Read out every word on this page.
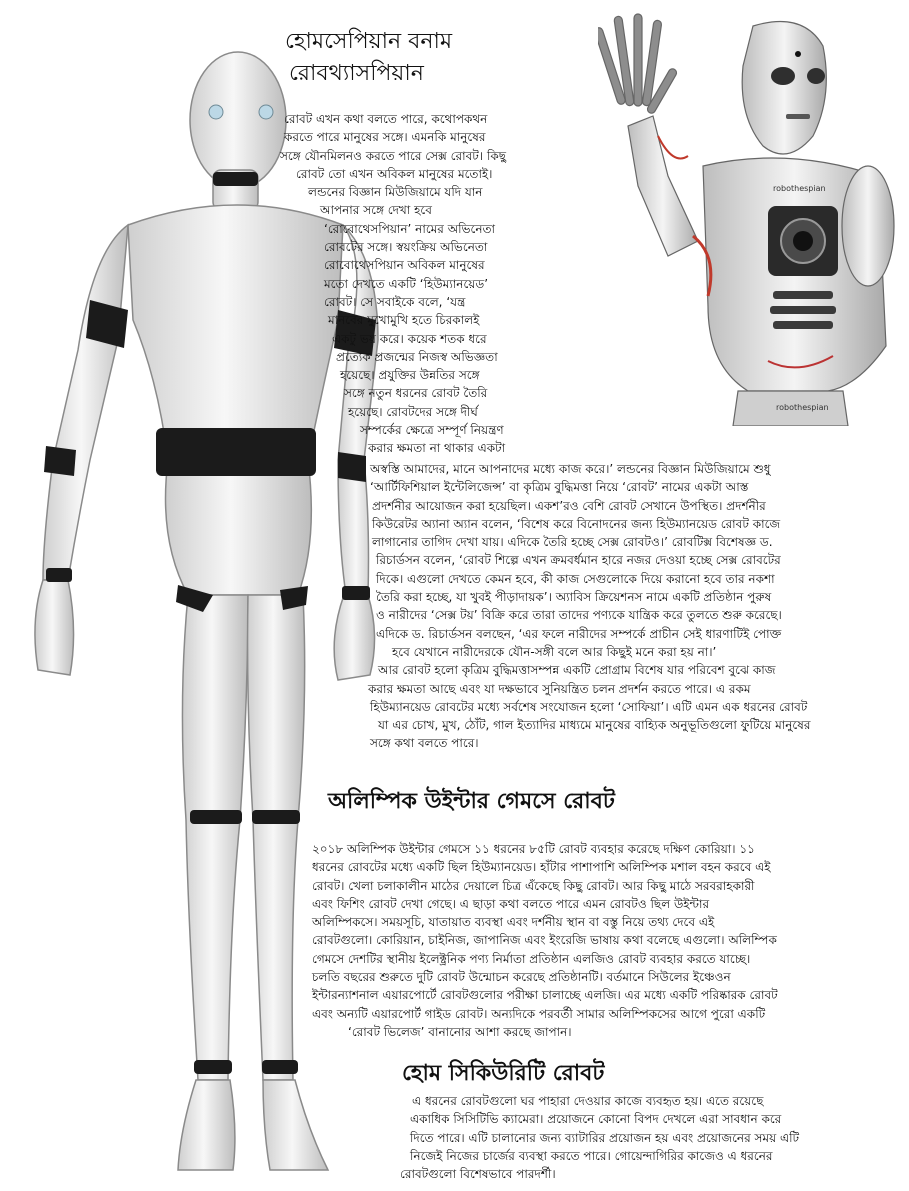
robothespian
robothespian
হোমসেপিয়ান বনাম
রোবথ্যাসপিয়ান
রোবট এখন কথা বলতে পারে, কথোপকথন
করতে পারে মানুষের সঙ্গে। এমনকি মানুষের
সঙ্গে যৌনমিলনও করতে পারে সেক্স রোবট। কিছু
রোবট তো এখন অবিকল মানুষের মতোই।
লন্ডনের বিজ্ঞান মিউজিয়ামে যদি যান
আপনার সঙ্গে দেখা হবে
‘রোবোথেসপিয়ান’ নামের অভিনেতা
রোবটের সঙ্গে। স্বয়ংক্রিয় অভিনেতা
রোবোথেসপিয়ান অবিকল মানুষের
মতো দেখতে একটি ‘হিউম্যানয়েড’
রোবট। সে সবাইকে বলে, ‘যন্ত্র
মানবের মুখোমুখি হতে চিরকালই
একটু ভয় করে। কয়েক শতক ধরে
প্রত্যেক প্রজন্মের নিজস্ব অভিজ্ঞতা
হয়েছে। প্রযুক্তির উন্নতির সঙ্গে
সঙ্গে নতুন ধরনের রোবট তৈরি
হয়েছে। রোবটদের সঙ্গে দীর্ঘ
সম্পর্কের ক্ষেত্রে সম্পূর্ণ নিয়ন্ত্রণ
করার ক্ষমতা না থাকার একটা
অস্বস্তি আমাদের, মানে আপনাদের মধ্যে কাজ করে।’ লন্ডনের বিজ্ঞান মিউজিয়ামে শুধু
‘আর্টিফিশিয়াল ইন্টেলিজেন্স’ বা কৃত্রিম বুদ্ধিমত্তা নিয়ে ‘রোবট’ নামের একটা আস্ত
প্রদর্শনীর আয়োজন করা হয়েছিল। একশ’রও বেশি রোবট সেখানে উপস্থিত। প্রদর্শনীর
কিউরেটর অ্যানা অ্যান বলেন, ‘বিশেষ করে বিনোদনের জন্য হিউম্যানয়েড রোবট কাজে
লাগানোর তাগিদ দেখা যায়। এদিকে তৈরি হচ্ছে সেক্স রোবটও।’ রোবটিক্স বিশেষজ্ঞ ড.
রিচার্ডসন বলেন, ‘রোবট শিল্পে এখন ক্রমবর্ধমান হারে নজর দেওয়া হচ্ছে সেক্স রোবটের
দিকে। এগুলো দেখতে কেমন হবে, কী কাজ সেগুলোকে দিয়ে করানো হবে তার নকশা
তৈরি করা হচ্ছে, যা খুবই পীড়াদায়ক’। অ্যাবিস ক্রিয়েশনস নামে একটি প্রতিষ্ঠান পুরুষ
ও নারীদের ‘সেক্স টয়’ বিক্রি করে তারা তাদের পণ্যকে যান্ত্রিক করে তুলতে শুরু করেছে।
এদিকে ড. রিচার্ডসন বলছেন, ‘এর ফলে নারীদের সম্পর্কে প্রাচীন সেই ধারণাটিই পোক্ত
হবে যেখানে নারীদেরকে যৌন-সঙ্গী বলে আর কিছুই মনে করা হয় না।’
আর রোবট হলো কৃত্রিম বুদ্ধিমত্তাসম্পন্ন একটি প্রোগ্রাম বিশেষ যার পরিবেশ বুঝে কাজ
করার ক্ষমতা আছে এবং যা দক্ষভাবে সুনিয়ন্ত্রিত চলন প্রদর্শন করতে পারে। এ রকম
হিউম্যানয়েড রোবটের মধ্যে সর্বশেষ সংযোজন হলো ‘সোফিয়া’। এটি এমন এক ধরনের রোবট
যা এর চোখ, মুখ, ঠোঁট, গাল ইত্যাদির মাধ্যমে মানুষের বাহ্যিক অনুভূতিগুলো ফুটিয়ে মানুষের
সঙ্গে কথা বলতে পারে।
অলিম্পিক উইন্টার গেমসে রোবট
২০১৮ অলিম্পিক উইন্টার গেমসে ১১ ধরনের ৮৫টি রোবট ব্যবহার করেছে দক্ষিণ কোরিয়া। ১১
ধরনের রোবটের মধ্যে একটি ছিল হিউম্যানয়েড। হাঁটার পাশাপাশি অলিম্পিক মশাল বহন করবে এই
রোবট। খেলা চলাকালীন মাঠের দেয়ালে চিত্র এঁকেছে কিছু রোবট। আর কিছু মাঠে সরবরাহকারী
এবং ফিশিং রোবট দেখা গেছে। এ ছাড়া কথা বলতে পারে এমন রোবটও ছিল উইন্টার
অলিম্পিকসে। সময়সূচি, যাতায়াত ব্যবস্থা এবং দর্শনীয় স্থান বা বস্তু নিয়ে তথ্য দেবে এই
রোবটগুলো। কোরিয়ান, চাইনিজ, জাপানিজ এবং ইংরেজি ভাষায় কথা বলেছে এগুলো। অলিম্পিক
গেমসে দেশটির স্থানীয় ইলেক্ট্রনিক পণ্য নির্মাতা প্রতিষ্ঠান এলজিও রোবট ব্যবহার করতে যাচ্ছে।
চলতি বছরের শুরুতে দুটি রোবট উন্মোচন করেছে প্রতিষ্ঠানটি। বর্তমানে সিউলের ইঞ্চেওন
ইন্টারন্যাশনাল এয়ারপোর্টে রোবটগুলোর পরীক্ষা চালাচ্ছে এলজি। এর মধ্যে একটি পরিষ্কারক রোবট
এবং অন্যটি এয়ারপোর্ট গাইড রোবট। অন্যদিকে পরবর্তী সামার অলিম্পিকসের আগে পুরো একটি
‘রোবট ভিলেজ’ বানানোর আশা করছে জাপান।
হোম সিকিউরিটি রোবট
এ ধরনের রোবটগুলো ঘর পাহারা দেওয়ার কাজে ব্যবহৃত হয়। এতে রয়েছে
একাধিক সিসিটিভি ক্যামেরা। প্রয়োজনে কোনো বিপদ দেখলে এরা সাবধান করে
দিতে পারে। এটি চালানোর জন্য ব্যাটারির প্রয়োজন হয় এবং প্রয়োজনের সময় এটি
নিজেই নিজের চার্জের ব্যবস্থা করতে পারে। গোয়েন্দাগিরির কাজেও এ ধরনের
রোবটগুলো বিশেষভাবে পারদর্শী।
